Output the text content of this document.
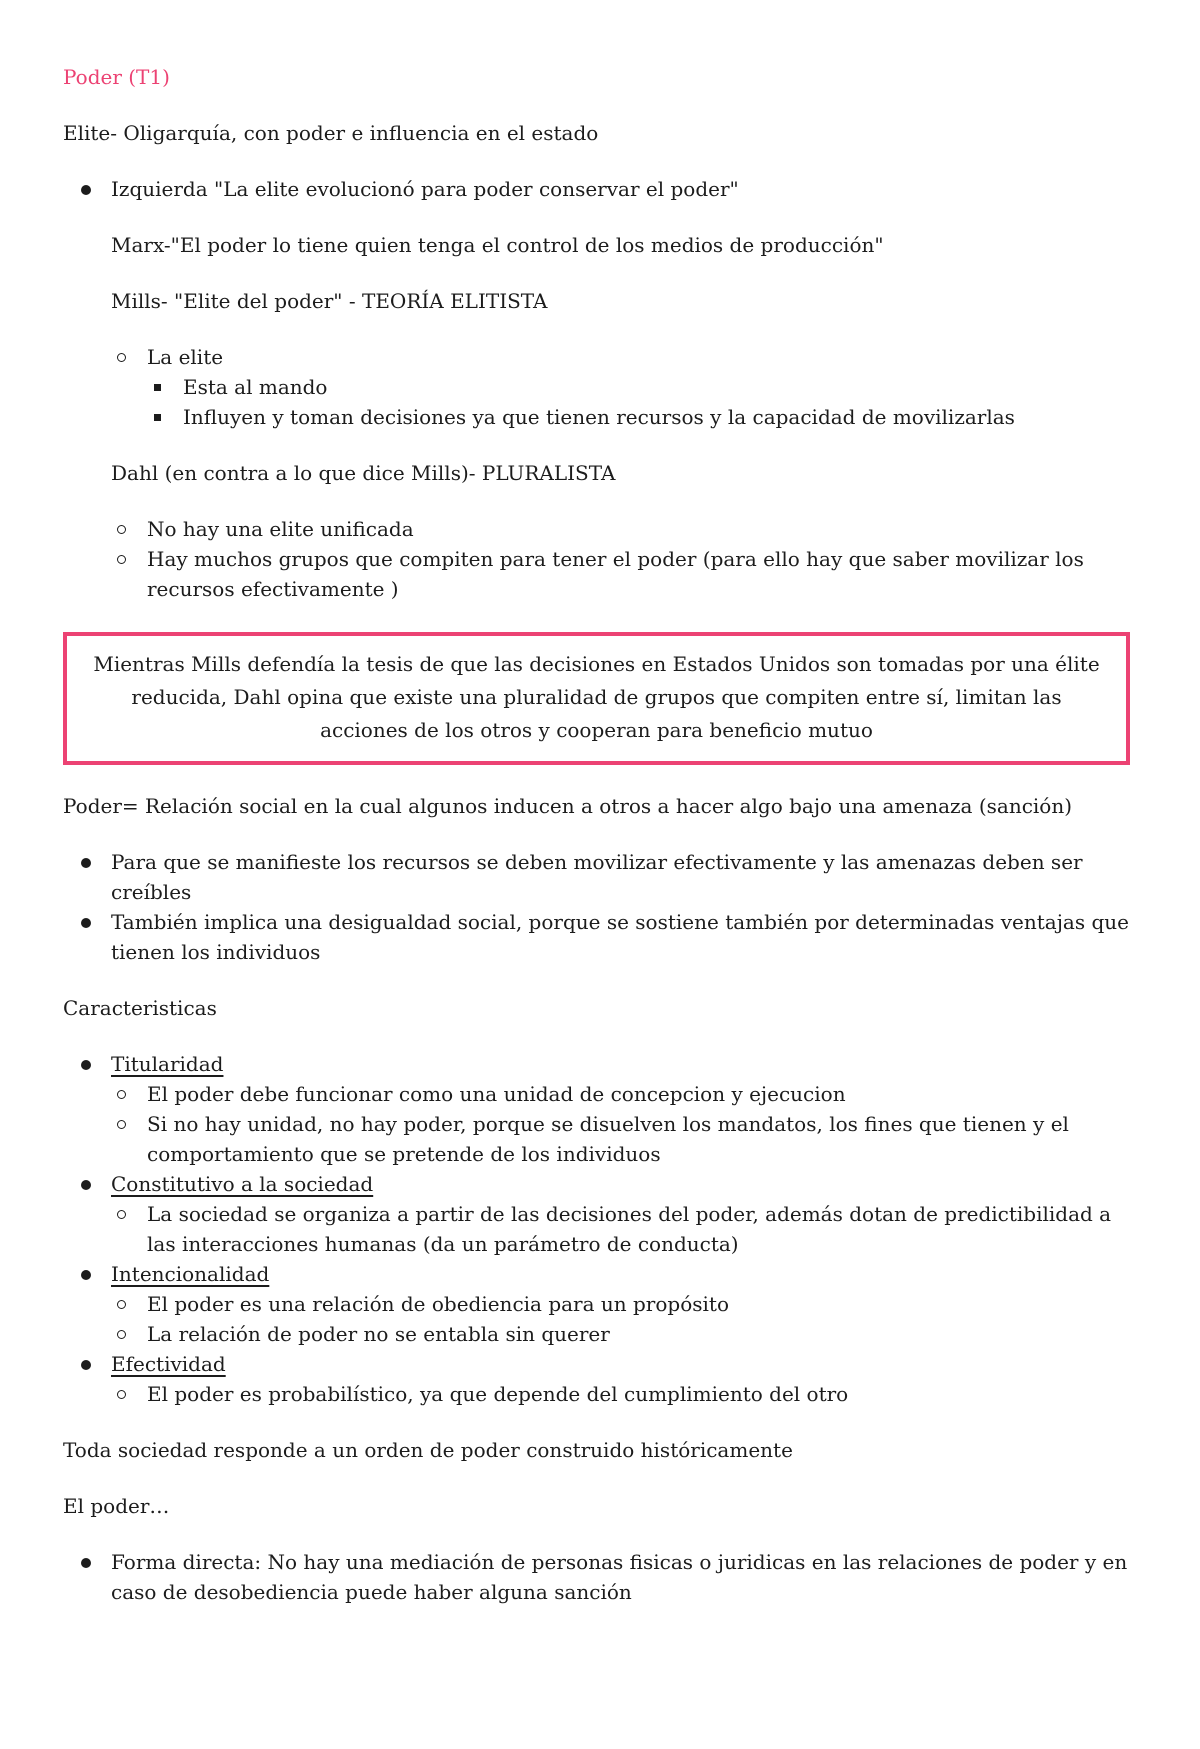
Poder (T1)

Elite- Oligarquía, con poder e influencia en el estado

Izquierda "La elite evolucionó para poder conservar el poder"

Marx-"El poder lo tiene quien tenga el control de los medios de producción"

Mills- "Elite del poder" - TEORÍA ELITISTA

La elite
Esta al mando
Influyen y toman decisiones ya que tienen recursos y la capacidad de movilizarlas

Dahl (en contra a lo que dice Mills)- PLURALISTA

No hay una elite unificada
Hay muchos grupos que compiten para tener el poder (para ello hay que saber movilizar los recursos efectivamente )
Mientras Mills defendía la tesis de que las decisiones en Estados Unidos son tomadas por una élite reducida, Dahl opina que existe una pluralidad de grupos que compiten entre sí, limitan las acciones de los otros y cooperan para beneficio mutuo

Poder= Relación social en la cual algunos inducen a otros a hacer algo bajo una amenaza (sanción)

Para que se manifieste los recursos se deben movilizar efectivamente y las amenazas deben ser creíbles
También implica una desigualdad social, porque se sostiene también por determinadas ventajas que tienen los individuos

Caracteristicas

Titularidad
El poder debe funcionar como una unidad de concepcion y ejecucion
Si no hay unidad, no hay poder, porque se disuelven los mandatos, los fines que tienen y el comportamiento que se pretende de los individuos
Constitutivo a la sociedad
La sociedad se organiza a partir de las decisiones del poder, además dotan de predictibilidad a las interacciones humanas (da un parámetro de conducta)
Intencionalidad
El poder es una relación de obediencia para un propósito
La relación de poder no se entabla sin querer
Efectividad
El poder es probabilístico, ya que depende del cumplimiento del otro

Toda sociedad responde a un orden de poder construido históricamente

El poder…

Forma directa: No hay una mediación de personas fisicas o juridicas en las relaciones de poder y en caso de desobediencia puede haber alguna sanción
